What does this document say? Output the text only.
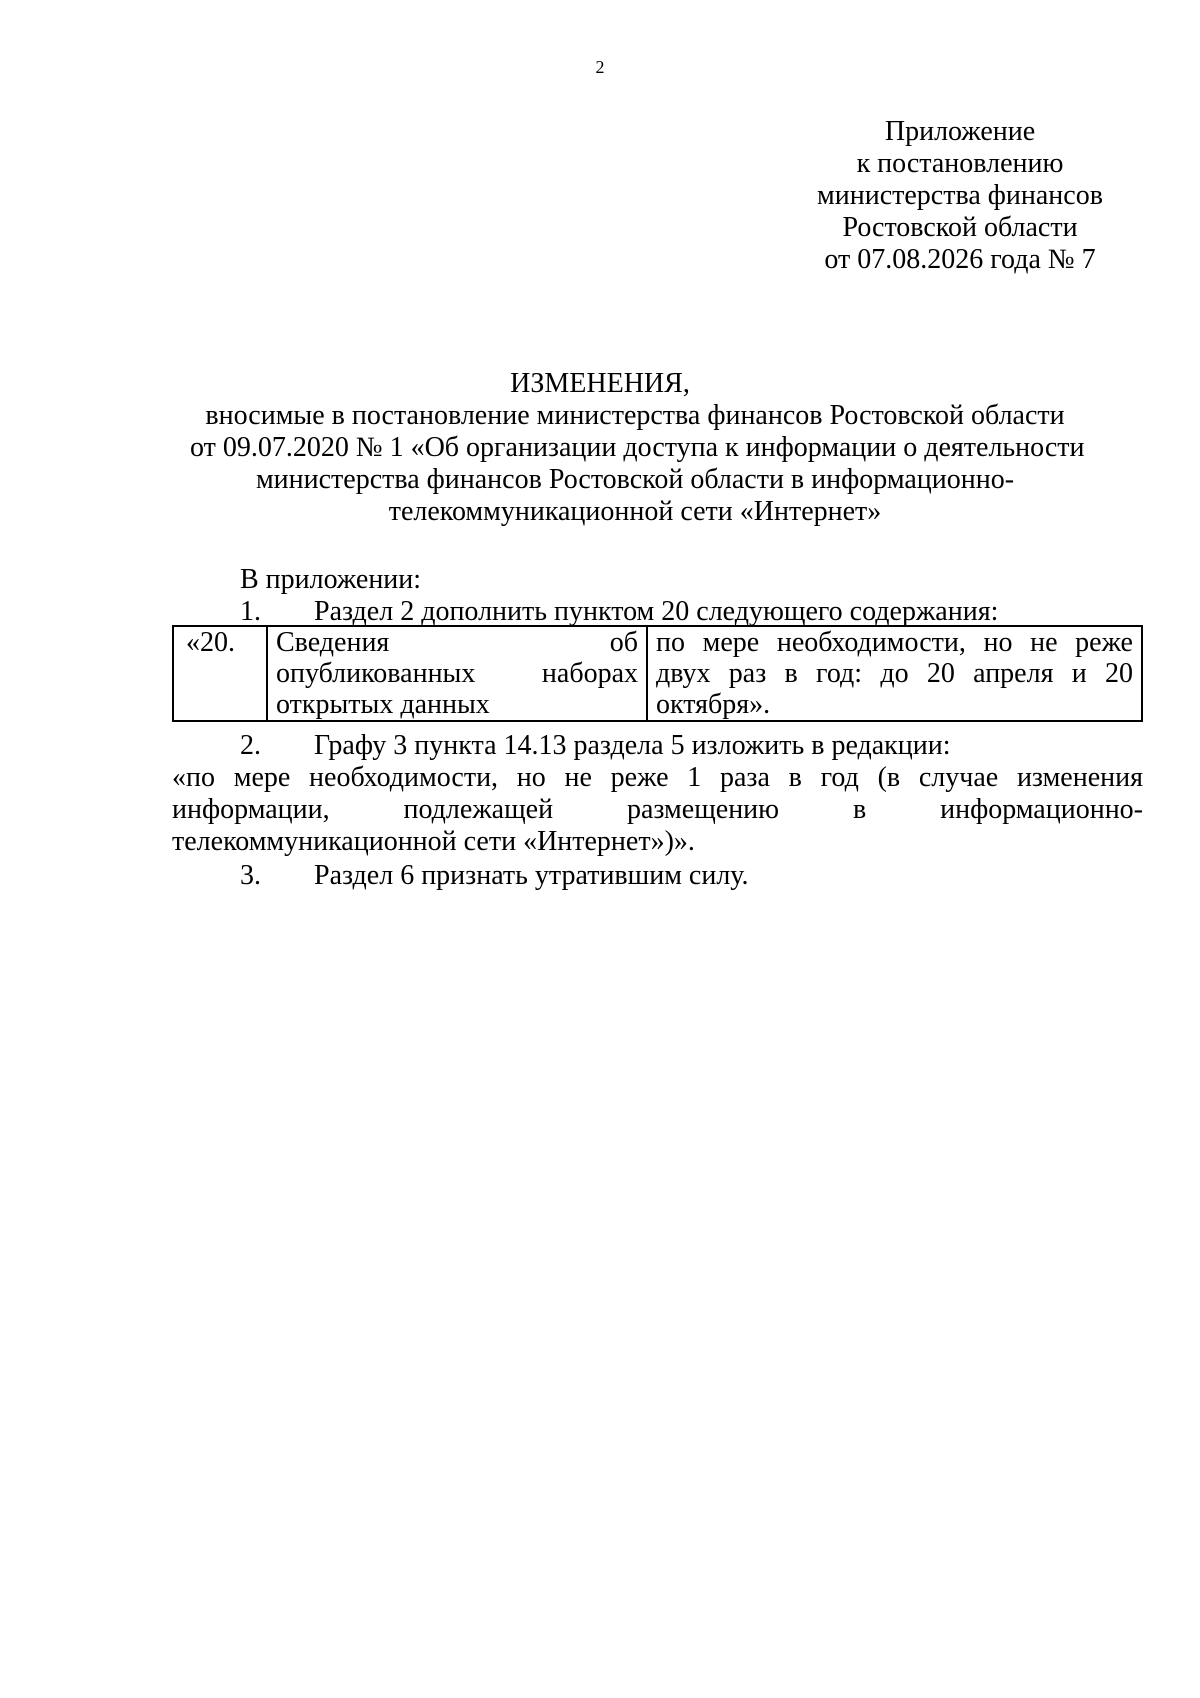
2
Приложение
к постановлению
министерства финансов
Ростовской области
от 07.08.2026 года № 7
ИЗМЕНЕНИЯ,
вносимые в постановление министерства финансов Ростовской области
от 09.07.2020 № 1 «Об организации доступа к информации о деятельности
министерства финансов Ростовской области в информационно-
телекоммуникационной сети «Интернет»
В приложении:
1. Раздел 2 дополнить пунктом 20 следующего содержания:
«20.	Сведения об
опубликованных наборах
открытых данных

по мере необходимости, но не реже
двух раз в год: до 20 апреля и 20
октября».
2. Графу 3 пункта 14.13 раздела 5 изложить в редакции:
«по мере необходимости, но не реже 1 раза в год (в случае изменения
информации, подлежащей размещению в информационно-
телекоммуникационной сети «Интернет»)».
3. Раздел 6 признать утратившим силу.
